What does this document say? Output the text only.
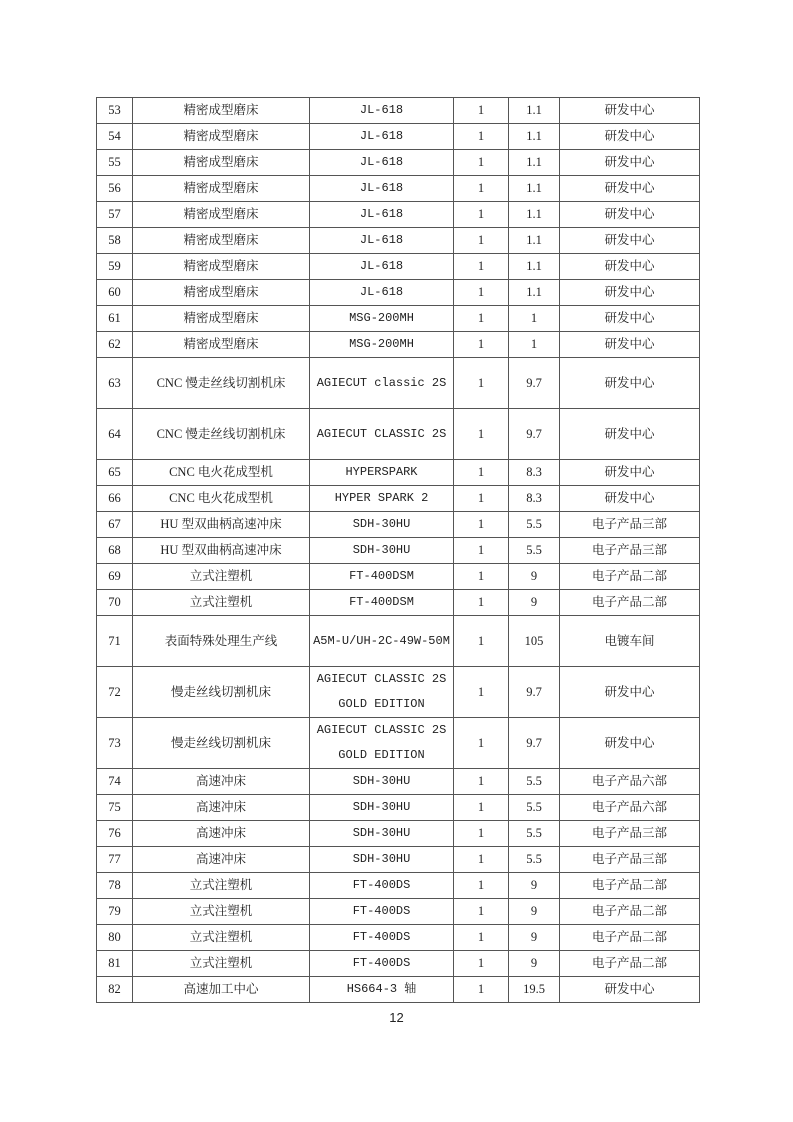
53	精密成型磨床	JL-618	1	1.1	研发中心
54	精密成型磨床	JL-618	1	1.1	研发中心
55	精密成型磨床	JL-618	1	1.1	研发中心
56	精密成型磨床	JL-618	1	1.1	研发中心
57	精密成型磨床	JL-618	1	1.1	研发中心
58	精密成型磨床	JL-618	1	1.1	研发中心
59	精密成型磨床	JL-618	1	1.1	研发中心
60	精密成型磨床	JL-618	1	1.1	研发中心
61	精密成型磨床	MSG-200MH	1	1	研发中心
62	精密成型磨床	MSG-200MH	1	1	研发中心
63	CNC 慢走丝线切割机床	AGIECUT classic 2S	1	9.7	研发中心
64	CNC 慢走丝线切割机床	AGIECUT CLASSIC 2S	1	9.7	研发中心
65	CNC 电火花成型机	HYPERSPARK	1	8.3	研发中心
66	CNC 电火花成型机	HYPER SPARK 2	1	8.3	研发中心
67	HU 型双曲柄高速冲床	SDH-30HU	1	5.5	电子产品三部
68	HU 型双曲柄高速冲床	SDH-30HU	1	5.5	电子产品三部
69	立式注塑机	FT-400DSM	1	9	电子产品二部
70	立式注塑机	FT-400DSM	1	9	电子产品二部
71	表面特殊处理生产线	A5M-U/UH-2C-49W-50M	1	105	电镀车间
72	慢走丝线切割机床	AGIECUT CLASSIC 2S GOLD EDITION	1	9.7	研发中心
73	慢走丝线切割机床	AGIECUT CLASSIC 2S GOLD EDITION	1	9.7	研发中心
74	高速冲床	SDH-30HU	1	5.5	电子产品六部
75	高速冲床	SDH-30HU	1	5.5	电子产品六部
76	高速冲床	SDH-30HU	1	5.5	电子产品三部
77	高速冲床	SDH-30HU	1	5.5	电子产品三部
78	立式注塑机	FT-400DS	1	9	电子产品二部
79	立式注塑机	FT-400DS	1	9	电子产品二部
80	立式注塑机	FT-400DS	1	9	电子产品二部
81	立式注塑机	FT-400DS	1	9	电子产品二部
82	高速加工中心	HS664-3 轴	1	19.5	研发中心
12
